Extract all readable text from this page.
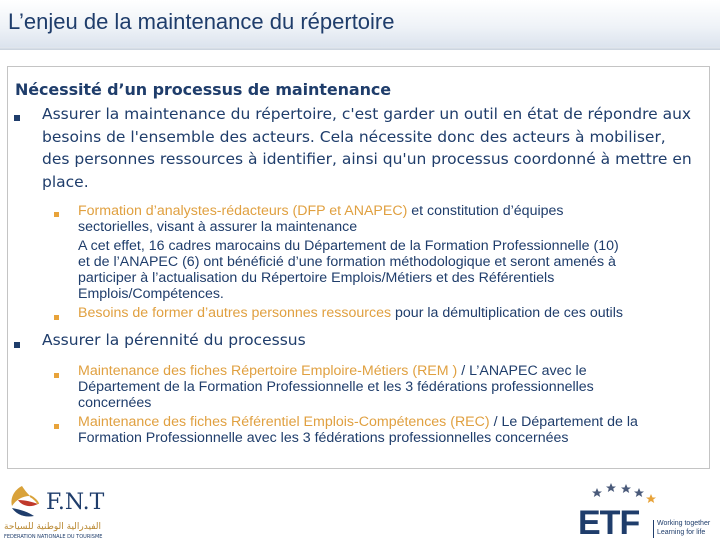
L’enjeu de la maintenance du répertoire
Nécessité d’un processus de maintenance
Assurer la maintenance du répertoire, c'est garder un outil en état de répondre aux
besoins de l'ensemble des acteurs. Cela nécessite donc des acteurs à mobiliser,
des personnes ressources à identifier, ainsi qu'un processus coordonné à mettre en
place.
Formation d’analystes-rédacteurs (DFP et ANAPEC) et constitution d’équipes
sectorielles, visant à assurer la maintenance
A cet effet, 16 cadres marocains du Département de la Formation Professionnelle (10)
et de l’ANAPEC (6) ont bénéficié d’une formation méthodologique et seront amenés à
participer à l’actualisation du Répertoire Emplois/Métiers et des Référentiels
Emplois/Compétences.
Besoins de former d’autres personnes ressources pour la démultiplication de ces outils
Assurer la pérennité du processus
Maintenance des fiches Répertoire Emploire-Métiers (REM ) / L’ANAPEC avec le
Département de la Formation Professionnelle et les 3 fédérations professionnelles
concernées
Maintenance des fiches Référentiel Emplois-Compétences (REC) / Le Département de la
Formation Professionnelle avec les 3 fédérations professionnelles concernées
F.N.T
الفيدرالية الوطنية للسياحة
FEDERATION NATIONALE DU TOURISME	ETF	Working together
Learning for life
